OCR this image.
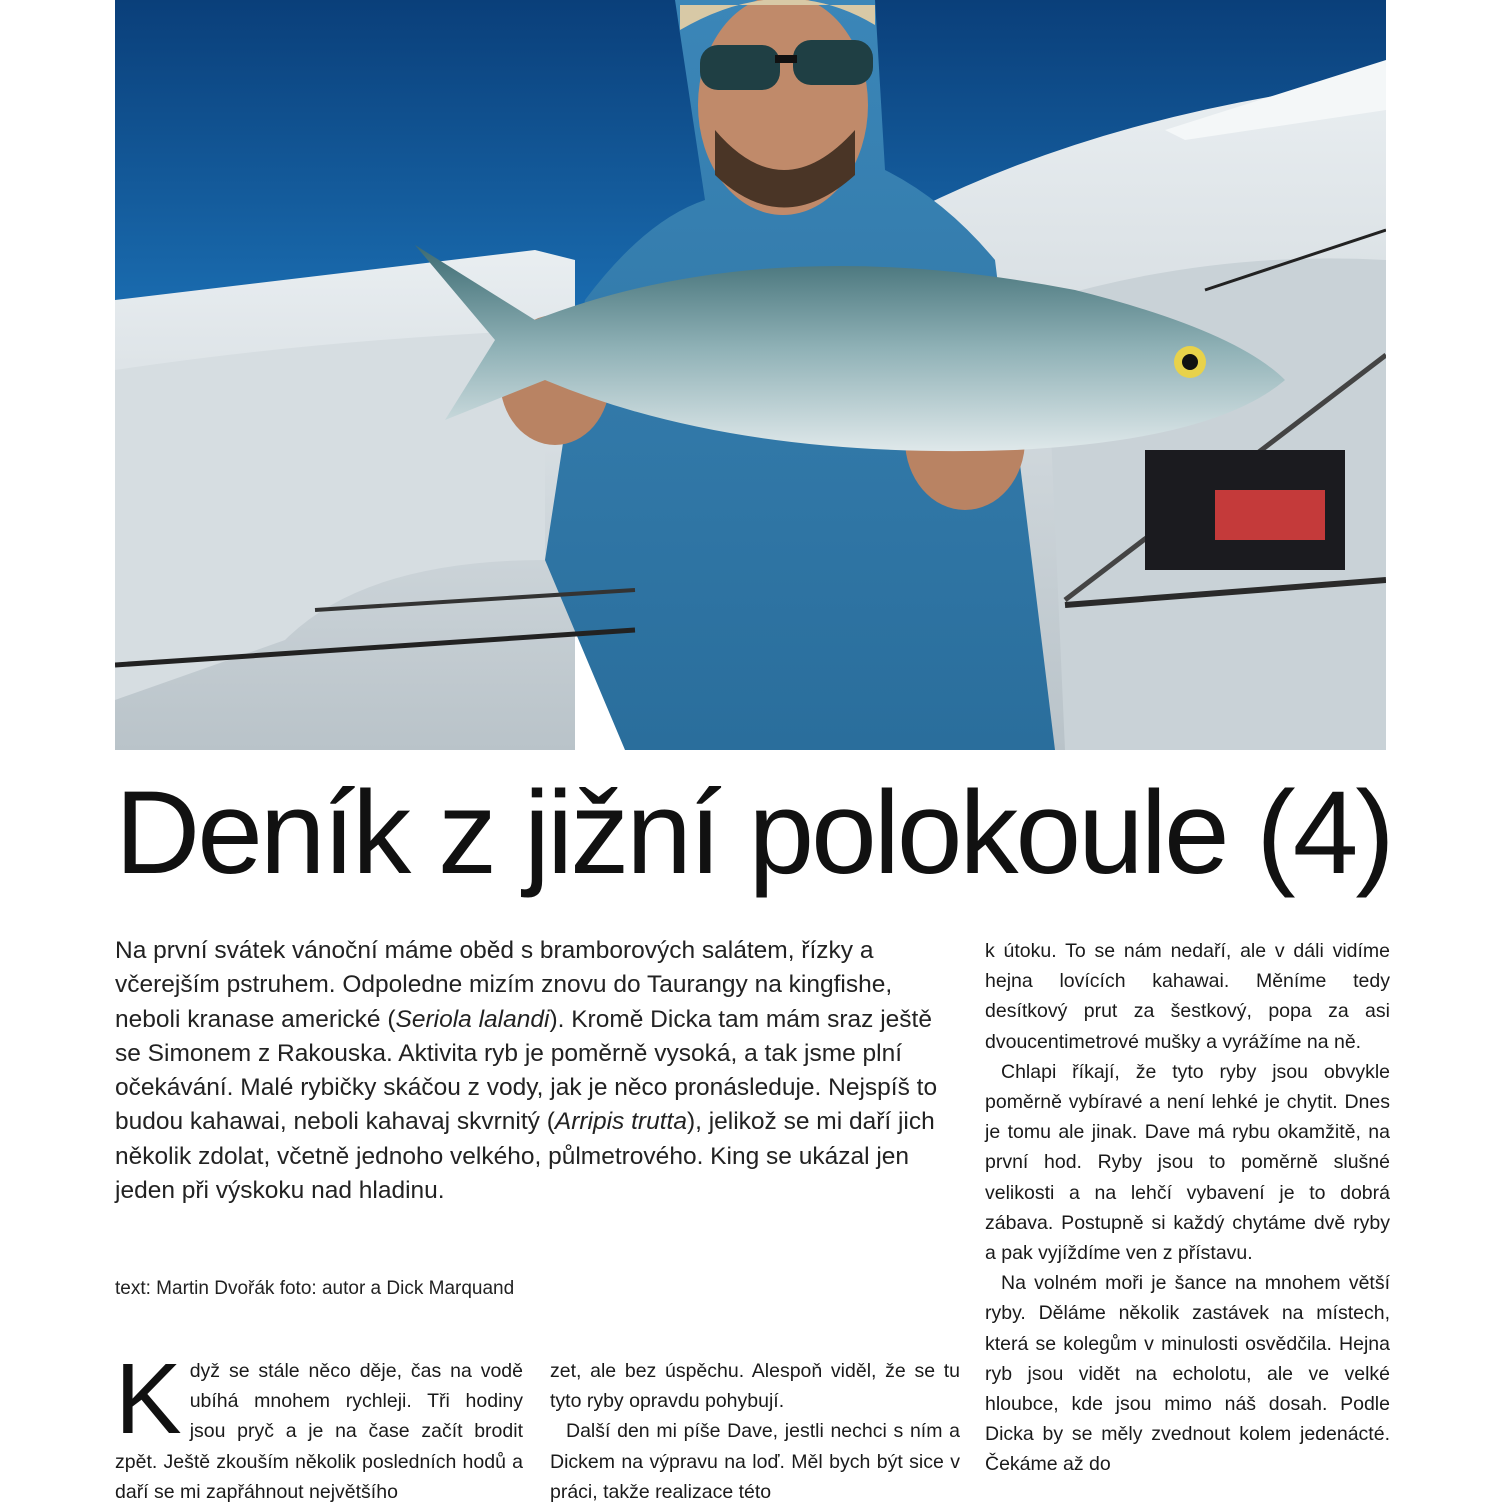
Deník z jižní polokoule (4)

Na první svátek vánoční máme oběd s bramborových salátem, řízky a včerejším pstruhem. Odpoledne mizím znovu do Taurangy na kingfishe, neboli kranase americké (Seriola lalandi). Kromě Dicka tam mám sraz ještě se Simonem z Rakouska. Aktivita ryb je poměrně vysoká, a tak jsme plní očekávání. Malé rybičky skáčou z vody, jak je něco pronásleduje. Nejspíš to budou kahawai, neboli kahavaj skvrnitý (Arripis trutta), jelikož se mi daří jich několik zdolat, včetně jednoho velkého, půlmetrového. King se ukázal jen jeden při výskoku nad hladinu.

text: Martin Dvořák foto: autor a Dick Marquand

Když se stále něco děje, čas na vodě ubíhá mnohem rychleji. Tři hodiny jsou pryč a je na čase začít brodit zpět. Ještě zkouším několik posledních hodů a daří se mi zapřáhnout největšího

zet, ale bez úspěchu. Alespoň viděl, že se tu tyto ryby opravdu pohybují.

Další den mi píše Dave, jestli nechci s ním a Dickem na výpravu na loď. Měl bych být sice v práci, takže realizace této

k útoku. To se nám nedaří, ale v dáli vidíme hejna lovících kahawai. Měníme tedy desítkový prut za šestkový, popa za asi dvoucentimetrové mušky a vyrážíme na ně.

Chlapi říkají, že tyto ryby jsou obvykle poměrně vybíravé a není lehké je chytit. Dnes je tomu ale jinak. Dave má rybu okamžitě, na první hod. Ryby jsou to poměrně slušné velikosti a na lehčí vybavení je to dobrá zábava. Postupně si každý chytáme dvě ryby a pak vyjíždíme ven z přístavu.

Na volném moři je šance na mnohem větší ryby. Děláme několik zastávek na místech, která se kolegům v minulosti osvědčila. Hejna ryb jsou vidět na echolotu, ale ve velké hloubce, kde jsou mimo náš dosah. Podle Dicka by se měly zvednout kolem jedenácté. Čekáme až do
